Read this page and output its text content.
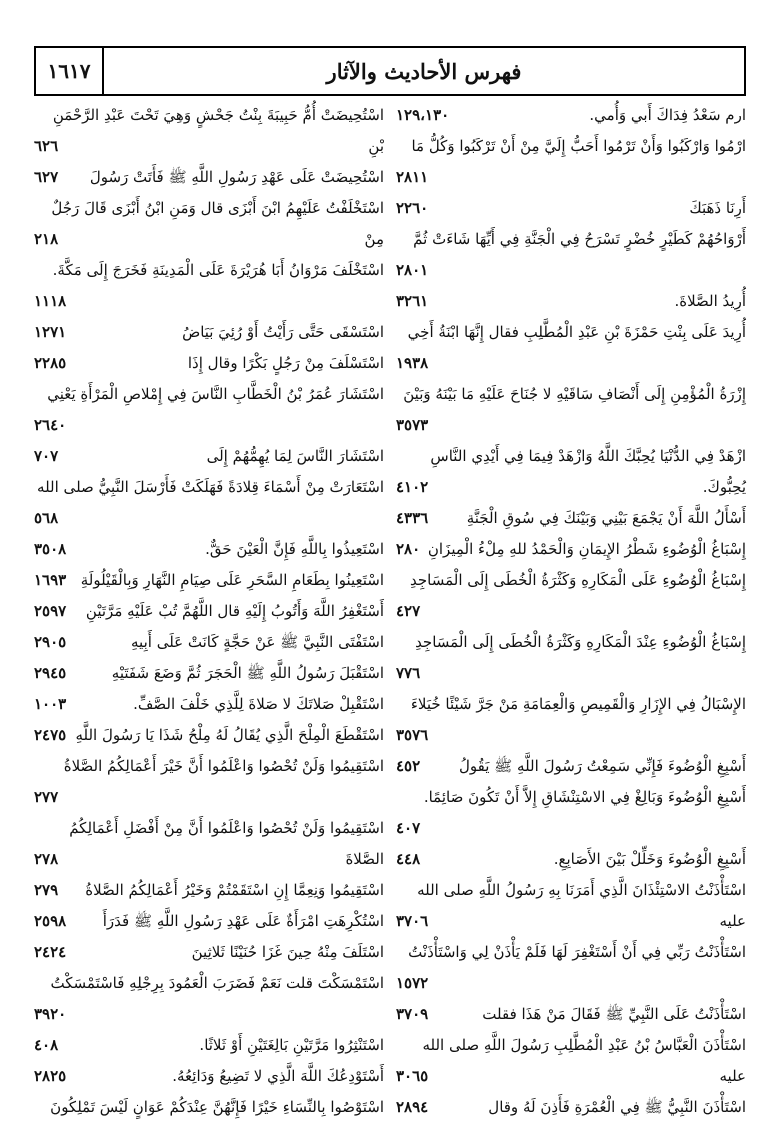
١٦١٧	فهرس الأحاديث والآثار
ارم سَعْدُ فِدَاكَ أَبي وَأُمي.
١٢٩،١٣٠
ارْمُوا وَارْكَبُوا وَأَنْ تَرْمُوا أَحَبُّ إِلَيَّ مِنْ أَنْ تَرْكَبُوا وَكُلُّ مَا
٢٨١١
أَرِنَا ذَهَبَكَ
٢٢٦٠
أَرْوَاحُهُمْ كَطَيْرٍ خُضْرٍ تَسْرَحُ فِي الْجَنَّةِ فِي أَيِّهَا شَاءَتْ ثُمَّ
٢٨٠١
أُرِيدُ الصَّلاةَ.
٣٢٦١
أُرِيدَ عَلَى بِنْتِ حَمْزَةَ بْنِ عَبْدِ الْمُطَّلِبِ فقال إِنَّهَا ابْنَةُ أَخِي
١٩٣٨
إِزْرَةُ الْمُؤْمِنِ إِلَى أَنْصَافِ سَاقَيْهِ لا جُنَاحَ عَلَيْهِ مَا بَيْنَهُ وَبَيْنَ
٣٥٧٣
ازْهَدْ فِي الدُّنْيَا يُحِبَّكَ اللَّهُ وَازْهَدْ فِيمَا فِي أَيْدِي النَّاسِ
يُحِبُّوكَ.
٤١٠٢
أَسْأَلُ اللَّهَ أَنْ يَجْمَعَ بَيْنِي وَبَيْنَكَ فِي سُوقِ الْجَنَّةِ
٤٣٣٦
إِسْبَاغُ الْوُضُوءِ شَطْرُ الإِيمَانِ وَالْحَمْدُ للهِ مِلْءُ الْمِيزَانِ
٢٨٠
إِسْبَاغُ الْوُضُوءِ عَلَى الْمَكَارِهِ وَكَثْرَةُ الْخُطَى إِلَى الْمَسَاجِدِ
٤٢٧
إِسْبَاغُ الْوُضُوءِ عِنْدَ الْمَكَارِهِ وَكَثْرَةُ الْخُطَى إِلَى الْمَسَاجِدِ
٧٧٦
الإِسْبَالُ فِي الإِزَارِ وَالْقَمِيصِ وَالْعِمَامَةِ مَنْ جَرَّ شَيْئًا خُيَلاءَ
٣٥٧٦
أَسْبِغِ الْوُضُوءَ فَإِنِّي سَمِعْتُ رَسُولَ اللَّهِ ﷺ يَقُولُ
٤٥٢
أَسْبِغِ الْوُضُوءَ وَبَالِغْ فِي الاسْتِنْشَاقِ إِلاَّ أَنْ تَكُونَ صَائِمًا.
٤٠٧
أَسْبِغِ الْوُضُوءَ وَخَلِّلْ بَيْنَ الأَصَابِعِ.
٤٤٨
اسْتَأْذَنْتُ الاسْتِئْذَانَ الَّذِي أَمَرَنَا بِهِ رَسُولُ اللَّهِ صلى الله
عليه
٣٧٠٦
اسْتَأْذَنْتُ رَبِّي فِي أَنْ أَسْتَغْفِرَ لَهَا فَلَمْ يَأْذَنْ لِي وَاسْتَأْذَنْتُ
١٥٧٢
اسْتَأْذَنْتُ عَلَى النَّبِيِّ ﷺ فَقَالَ مَنْ هَذَا فقلت
٣٧٠٩
اسْتَأْذَنَ الْعَبَّاسُ بْنُ عَبْدِ الْمُطَّلِبِ رَسُولَ اللَّهِ صلى الله
عليه
٣٠٦٥
اسْتَأْذَنَ النَّبِيُّ ﷺ فِي الْعُمْرَةِ فَأَذِنَ لَهُ وقال
٢٨٩٤
اسْتُحِيضَتْ أُمُّ حَبِيبَةَ بِنْتُ جَحْشٍ وَهِيَ تَحْتَ عَبْدِ الرَّحْمَنِ
بْنِ
٦٢٦
اسْتُحِيضَتْ عَلَى عَهْدِ رَسُولِ اللَّهِ ﷺ فَأَتَتْ رَسُولَ
٦٢٧
اسْتَخْلَفْتُ عَلَيْهِمُ ابْنَ أَبْزَى قال وَمَنِ ابْنُ أَبْزَى قَالَ رَجُلٌ
مِنْ
٢١٨
اسْتَخْلَفَ مَرْوَانُ أَبَا هُرَيْرَةَ عَلَى الْمَدِينَةِ فَخَرَجَ إِلَى مَكَّةَ.
١١١٨
اسْتَسْقَى حَتَّى رَأَيْتُ أَوْ رُئِيَ بَيَاضُ
١٢٧١
اسْتَسْلَفَ مِنْ رَجُلٍ بَكْرًا وقال إِذَا
٢٢٨٥
اسْتَشَارَ عُمَرُ بْنُ الْخَطَّابِ النَّاسَ فِي إِمْلاصِ الْمَرْأَةِ يَعْنِي
٢٦٤٠
اسْتَشَارَ النَّاسَ لِمَا يُهِمُّهُمْ إِلَى
٧٠٧
اسْتَعَارَتْ مِنْ أَسْمَاءَ قِلادَةً فَهَلَكَتْ فَأَرْسَلَ النَّبِيُّ صلى الله
٥٦٨
اسْتَعِيذُوا بِاللَّهِ فَإِنَّ الْعَيْنَ حَقٌّ.
٣٥٠٨
اسْتَعِينُوا بِطَعَامِ السَّحَرِ عَلَى صِيَامِ النَّهَارِ وَبِالْقَيْلُولَةِ
١٦٩٣
أَسْتَغْفِرُ اللَّهَ وَأَتُوبُ إِلَيْهِ قال اللَّهُمَّ تُبْ عَلَيْهِ مَرَّتَيْنِ
٢٥٩٧
اسْتَفْتَى النَّبِيَّ ﷺ عَنْ حَجَّةٍ كَانَتْ عَلَى أَبِيهِ
٢٩٠٥
اسْتَقْبَلَ رَسُولُ اللَّهِ ﷺ الْحَجَرَ ثُمَّ وَضَعَ شَفَتَيْهِ
٢٩٤٥
اسْتَقْبِلْ صَلاتَكَ لا صَلاةَ لِلَّذِي خَلْفَ الصَّفِّ.
١٠٠٣
اسْتَقْطَعَ الْمِلْحَ الَّذِي يُقَالُ لَهُ مِلْحُ شَذَا يَا رَسُولَ اللَّهِ
٢٤٧٥
اسْتَقِيمُوا وَلَنْ تُحْصُوا وَاعْلَمُوا أَنَّ خَيْرَ أَعْمَالِكُمُ الصَّلاةُ
٢٧٧
اسْتَقِيمُوا وَلَنْ تُحْصُوا وَاعْلَمُوا أَنَّ مِنْ أَفْضَلِ أَعْمَالِكُمُ
الصَّلاةَ
٢٧٨
اسْتَقِيمُوا وَنِعِمَّا إِنِ اسْتَقَمْتُمْ وَخَيْرُ أَعْمَالِكُمُ الصَّلاةُ
٢٧٩
اسْتُكْرِهَتِ امْرَأَةٌ عَلَى عَهْدِ رَسُولِ اللَّهِ ﷺ فَدَرَأَ
٢٥٩٨
اسْتَلَفَ مِنْهُ حِينَ غَزَا حُنَيْنًا ثَلاثِينَ
٢٤٢٤
اسْتَمْسَكْتَ قلت نَعَمْ فَضَرَبَ الْعَمُودَ بِرِجْلِهِ فَاسْتَمْسَكْتُ
٣٩٢٠
اسْتَنْثِرُوا مَرَّتَيْنِ بَالِغَتَيْنِ أَوْ ثَلاثًا.
٤٠٨
أَسْتَوْدِعُكَ اللَّهَ الَّذِي لا تَضِيعُ وَدَائِعُهُ.
٢٨٢٥
اسْتَوْصُوا بِالنِّسَاءِ خَيْرًا فَإِنَّهُنَّ عِنْدَكُمْ عَوَانٍ لَيْسَ تَمْلِكُونَ
